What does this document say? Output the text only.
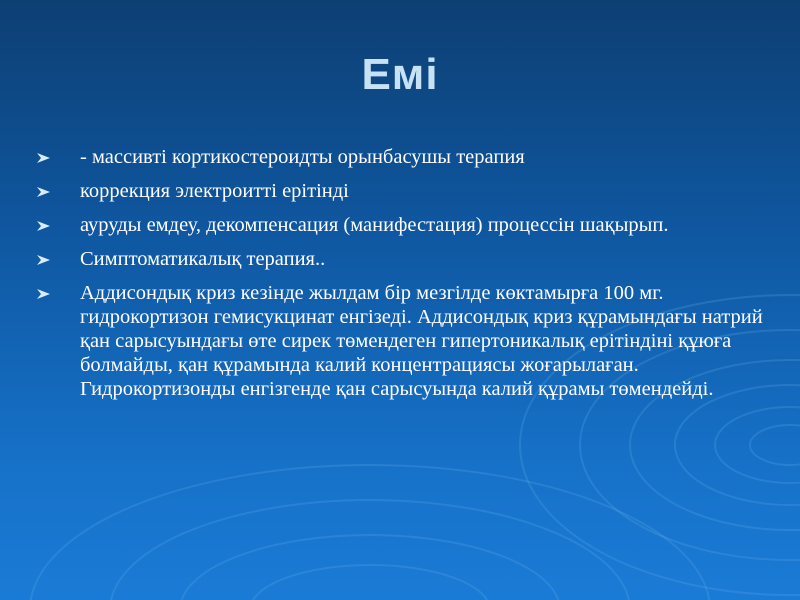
Емі
- массивті кортикостероидты орынбасушы терапия
коррекция электроитті ерітінді
ауруды емдеу, декомпенсация (манифестация) процессін шақырып.
Симптоматикалық терапия..
Аддисондық криз кезінде жылдам бір мезгілде көктамырға 100 мг. гидрокортизон гемисукцинат енгізеді. Аддисондық криз құрамындағы натрий қан сарысуындағы өте сирек төмендеген гипертоникалық ерітіндіні құюға болмайды, қан құрамында калий концентрациясы жоғарылаған. Гидрокортизонды енгізгенде қан сарысуында калий құрамы төмендейді.
